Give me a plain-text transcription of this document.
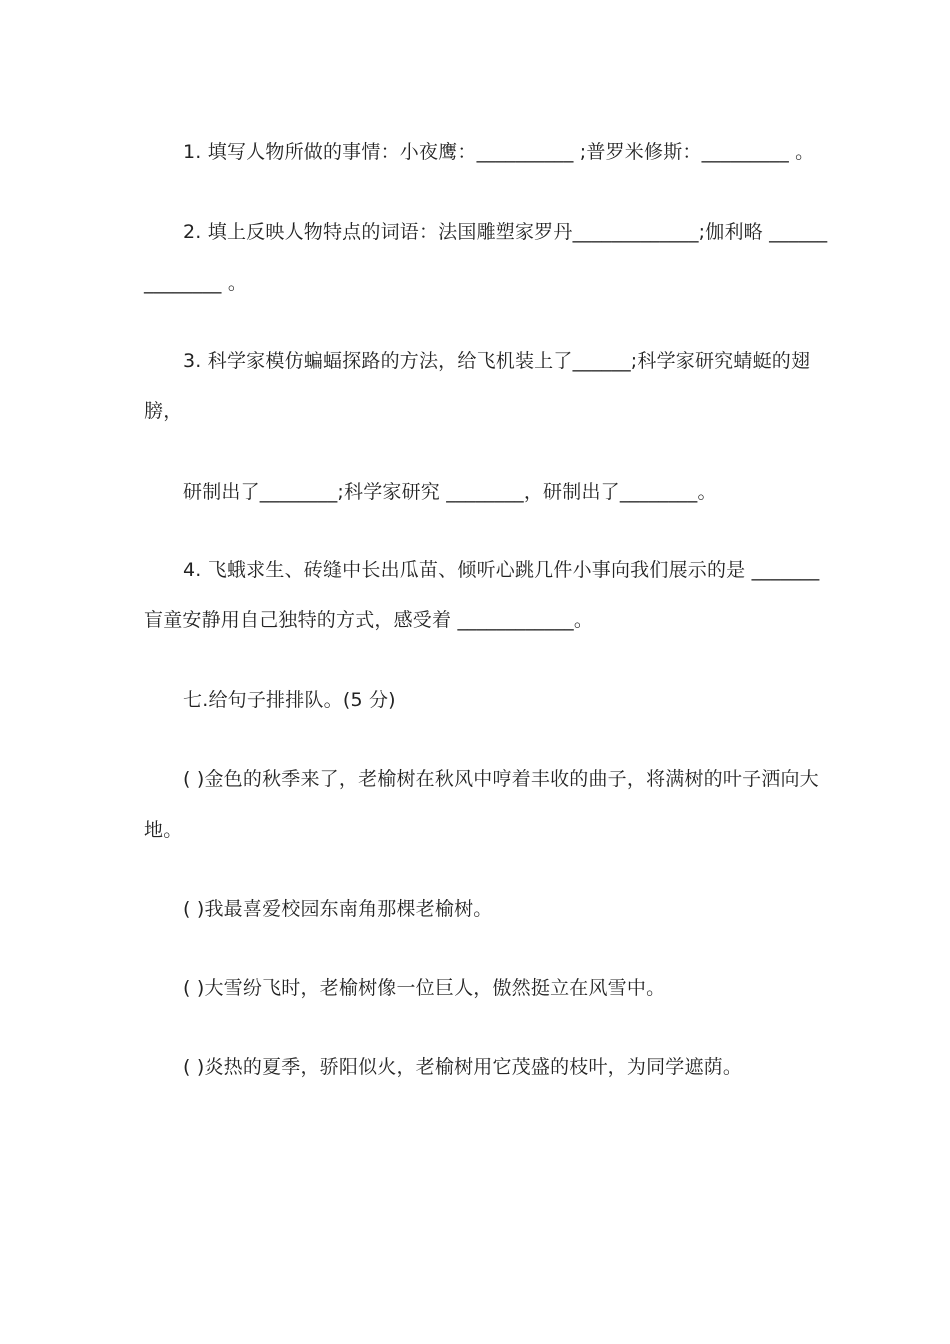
1. 填写人物所做的事情：小夜鹰：__________ ;普罗米修斯：_________ 。
2. 填上反映人物特点的词语：法国雕塑家罗丹_____________;伽利略 ______
________ 。
3. 科学家模仿蝙蝠探路的方法，给飞机装上了______;科学家研究蜻蜓的翅
膀，
研制出了________;科学家研究 ________，研制出了________。
4. 飞蛾求生、砖缝中长出瓜苗、倾听心跳几件小事向我们展示的是 _______
盲童安静用自己独特的方式，感受着 ____________。
七.给句子排排队。(5 分)
( )金色的秋季来了，老榆树在秋风中哼着丰收的曲子，将满树的叶子洒向大
地。
( )我最喜爱校园东南角那棵老榆树。
( )大雪纷飞时，老榆树像一位巨人，傲然挺立在风雪中。
( )炎热的夏季，骄阳似火，老榆树用它茂盛的枝叶，为同学遮荫。
